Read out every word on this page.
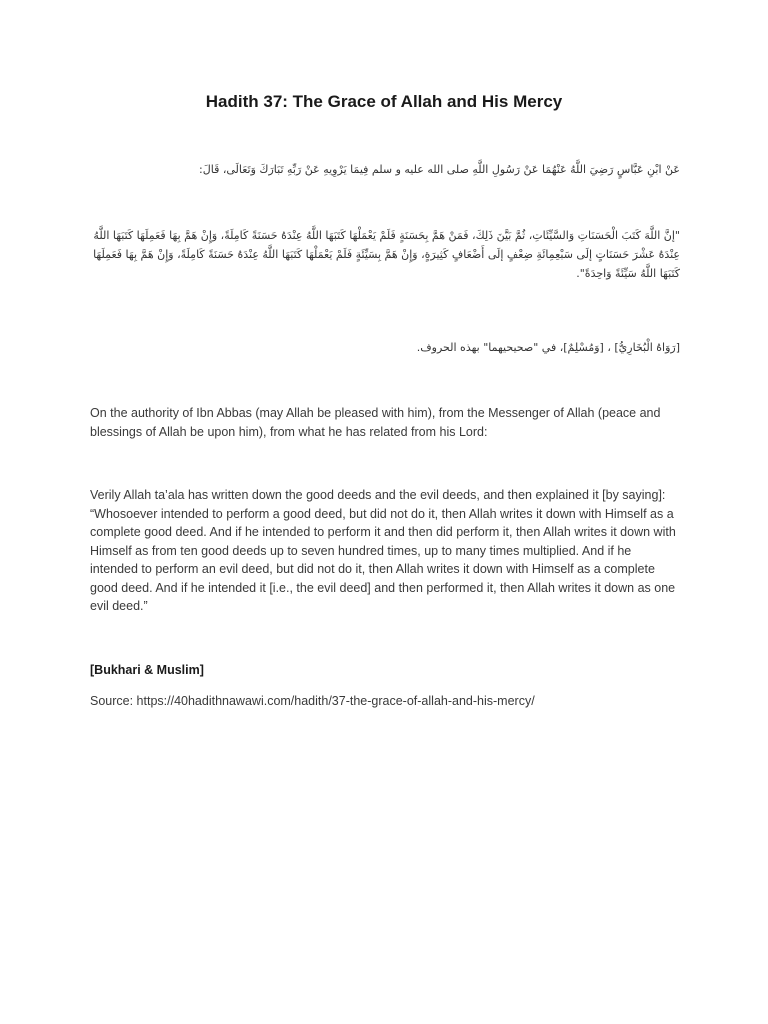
Hadith 37: The Grace of Allah and His Mercy

عَنْ ابْنِ عَبَّاسٍ رَضِيَ اللَّهُ عَنْهُمَا عَنْ رَسُولِ اللَّهِ صلى الله عليه و سلم فِيمَا يَرْوِيهِ عَنْ رَبِّهِ تَبَارَكَ وَتَعَالَى، قَالَ:

"إنَّ اللَّهَ كَتَبَ الْحَسَنَاتِ وَالسَّيِّئَاتِ، ثُمَّ بَيَّنَ ذَلِكَ، فَمَنْ هَمَّ بِحَسَنَةٍ فَلَمْ يَعْمَلْهَا كَتَبَهَا اللَّهُ عِنْدَهُ حَسَنَةً كَامِلَةً، وَإِنْ هَمَّ بِهَا فَعَمِلَهَا كَتَبَهَا اللَّهُ عِنْدَهُ عَشْرَ حَسَنَاتٍ إلَى سَبْعِمِائَةِ ضِعْفٍ إلَى أَضْعَافٍ كَثِيرَةٍ، وَإِنْ هَمَّ بِسَيِّئَةٍ فَلَمْ يَعْمَلْهَا كَتَبَهَا اللَّهُ عِنْدَهُ حَسَنَةً كَامِلَةً، وَإِنْ هَمَّ بِهَا فَعَمِلَهَا كَتَبَهَا اللَّهُ سَيِّئَةً وَاحِدَةً".

[رَوَاهُ الْبُخَارِيُّ] ، [وَمُسْلِمٌ]، في "صحيحيهما" بهذه الحروف.

On the authority of Ibn Abbas (may Allah be pleased with him), from the Messenger of Allah (peace and blessings of Allah be upon him), from what he has related from his Lord:

Verily Allah ta’ala has written down the good deeds and the evil deeds, and then explained it [by saying]: “Whosoever intended to perform a good deed, but did not do it, then Allah writes it down with Himself as a complete good deed. And if he intended to perform it and then did perform it, then Allah writes it down with Himself as from ten good deeds up to seven hundred times, up to many times multiplied. And if he intended to perform an evil deed, but did not do it, then Allah writes it down with Himself as a complete good deed. And if he intended it [i.e., the evil deed] and then performed it, then Allah writes it down as one evil deed.”

[Bukhari & Muslim]

Source: https://40hadithnawawi.com/hadith/37-the-grace-of-allah-and-his-mercy/
